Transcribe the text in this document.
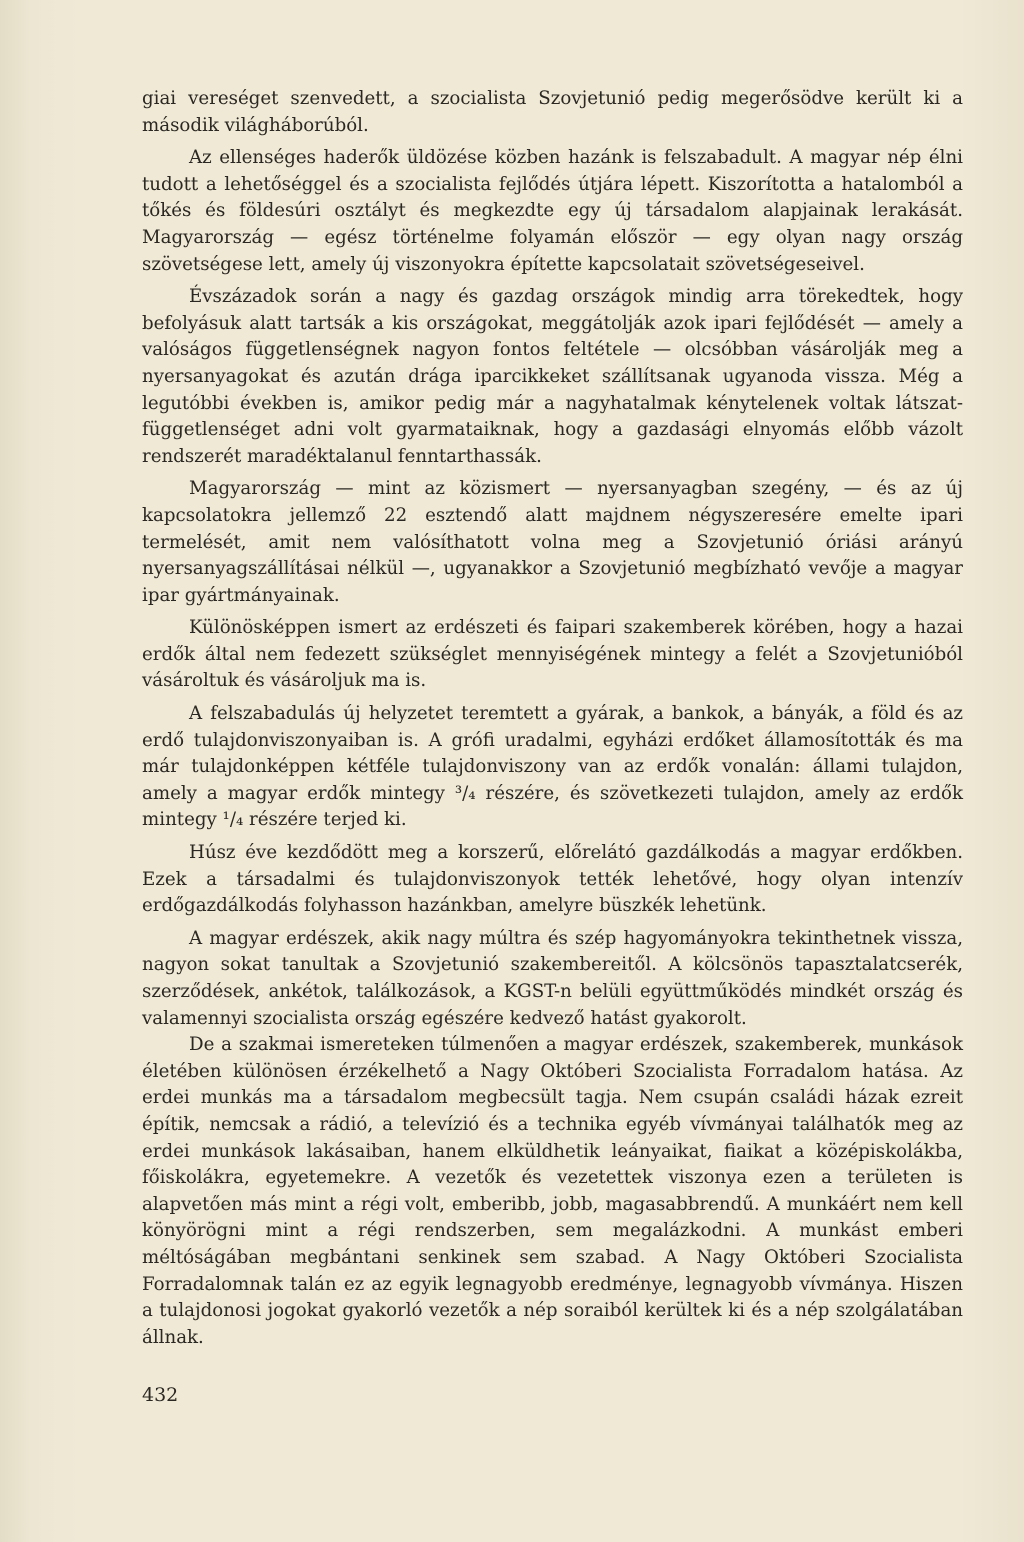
giai vereséget szenvedett, a szocialista Szovjetunió pedig megerősödve került ki a második világháborúból.

Az ellenséges haderők üldözése közben hazánk is felszabadult. A magyar nép élni tudott a lehetőséggel és a szocialista fejlődés útjára lépett. Kiszorította a hatalomból a tőkés és földesúri osztályt és megkezdte egy új társadalom alapjainak lerakását. Magyarország — egész történelme folyamán először — egy olyan nagy ország szövetségese lett, amely új viszonyokra építette kapcsolatait szövetségeseivel.

Évszázadok során a nagy és gazdag országok mindig arra törekedtek, hogy befolyásuk alatt tartsák a kis országokat, meggátolják azok ipari fejlődését — amely a valóságos függetlenségnek nagyon fontos feltétele — olcsóbban vásárolják meg a nyersanyagokat és azután drága iparcikkeket szállítsanak ugyanoda vissza. Még a legutóbbi években is, amikor pedig már a nagyhatalmak kénytelenek voltak látszat-függetlenséget adni volt gyarmataiknak, hogy a gazdasági elnyomás előbb vázolt rendszerét maradéktalanul fenntarthassák.

Magyarország — mint az közismert — nyersanyagban szegény, — és az új kapcsolatokra jellemző 22 esztendő alatt majdnem négyszeresére emelte ipari termelését, amit nem valósíthatott volna meg a Szovjetunió óriási arányú nyersanyagszállításai nélkül —, ugyanakkor a Szovjetunió megbízható vevője a magyar ipar gyártmányainak.

Különösképpen ismert az erdészeti és faipari szakemberek körében, hogy a hazai erdők által nem fedezett szükséglet mennyiségének mintegy a felét a Szovjetunióból vásároltuk és vásároljuk ma is.

A felszabadulás új helyzetet teremtett a gyárak, a bankok, a bányák, a föld és az erdő tulajdonviszonyaiban is. A grófi uradalmi, egyházi erdőket államosították és ma már tulajdonképpen kétféle tulajdonviszony van az erdők vonalán: állami tulajdon, amely a magyar erdők mintegy ³/₄ részére, és szövetkezeti tulajdon, amely az erdők mintegy ¹/₄ részére terjed ki.

Húsz éve kezdődött meg a korszerű, előrelátó gazdálkodás a magyar erdőkben. Ezek a társadalmi és tulajdonviszonyok tették lehetővé, hogy olyan intenzív erdőgazdálkodás folyhasson hazánkban, amelyre büszkék lehetünk.

A magyar erdészek, akik nagy múltra és szép hagyományokra tekinthetnek vissza, nagyon sokat tanultak a Szovjetunió szakembereitől. A kölcsönös tapasztalatcserék, szerződések, ankétok, találkozások, a KGST-n belüli együttműködés mindkét ország és valamennyi szocialista ország egészére kedvező hatást gyakorolt.

De a szakmai ismereteken túlmenően a magyar erdészek, szakemberek, munkások életében különösen érzékelhető a Nagy Októberi Szocialista Forradalom hatása. Az erdei munkás ma a társadalom megbecsült tagja. Nem csupán családi házak ezreit építik, nemcsak a rádió, a televízió és a technika egyéb vívmányai találhatók meg az erdei munkások lakásaiban, hanem elküldhetik leányaikat, fiaikat a középiskolákba, főiskolákra, egyetemekre. A vezetők és vezetettek viszonya ezen a területen is alapvetően más mint a régi volt, emberibb, jobb, magasabbrendű. A munkáért nem kell könyörögni mint a régi rendszerben, sem megalázkodni. A munkást emberi méltóságában megbántani senkinek sem szabad. A Nagy Októberi Szocialista Forradalomnak talán ez az egyik legnagyobb eredménye, legnagyobb vívmánya. Hiszen a tulajdonosi jogokat gyakorló vezetők a nép soraiból kerültek ki és a nép szolgálatában állnak.

432
